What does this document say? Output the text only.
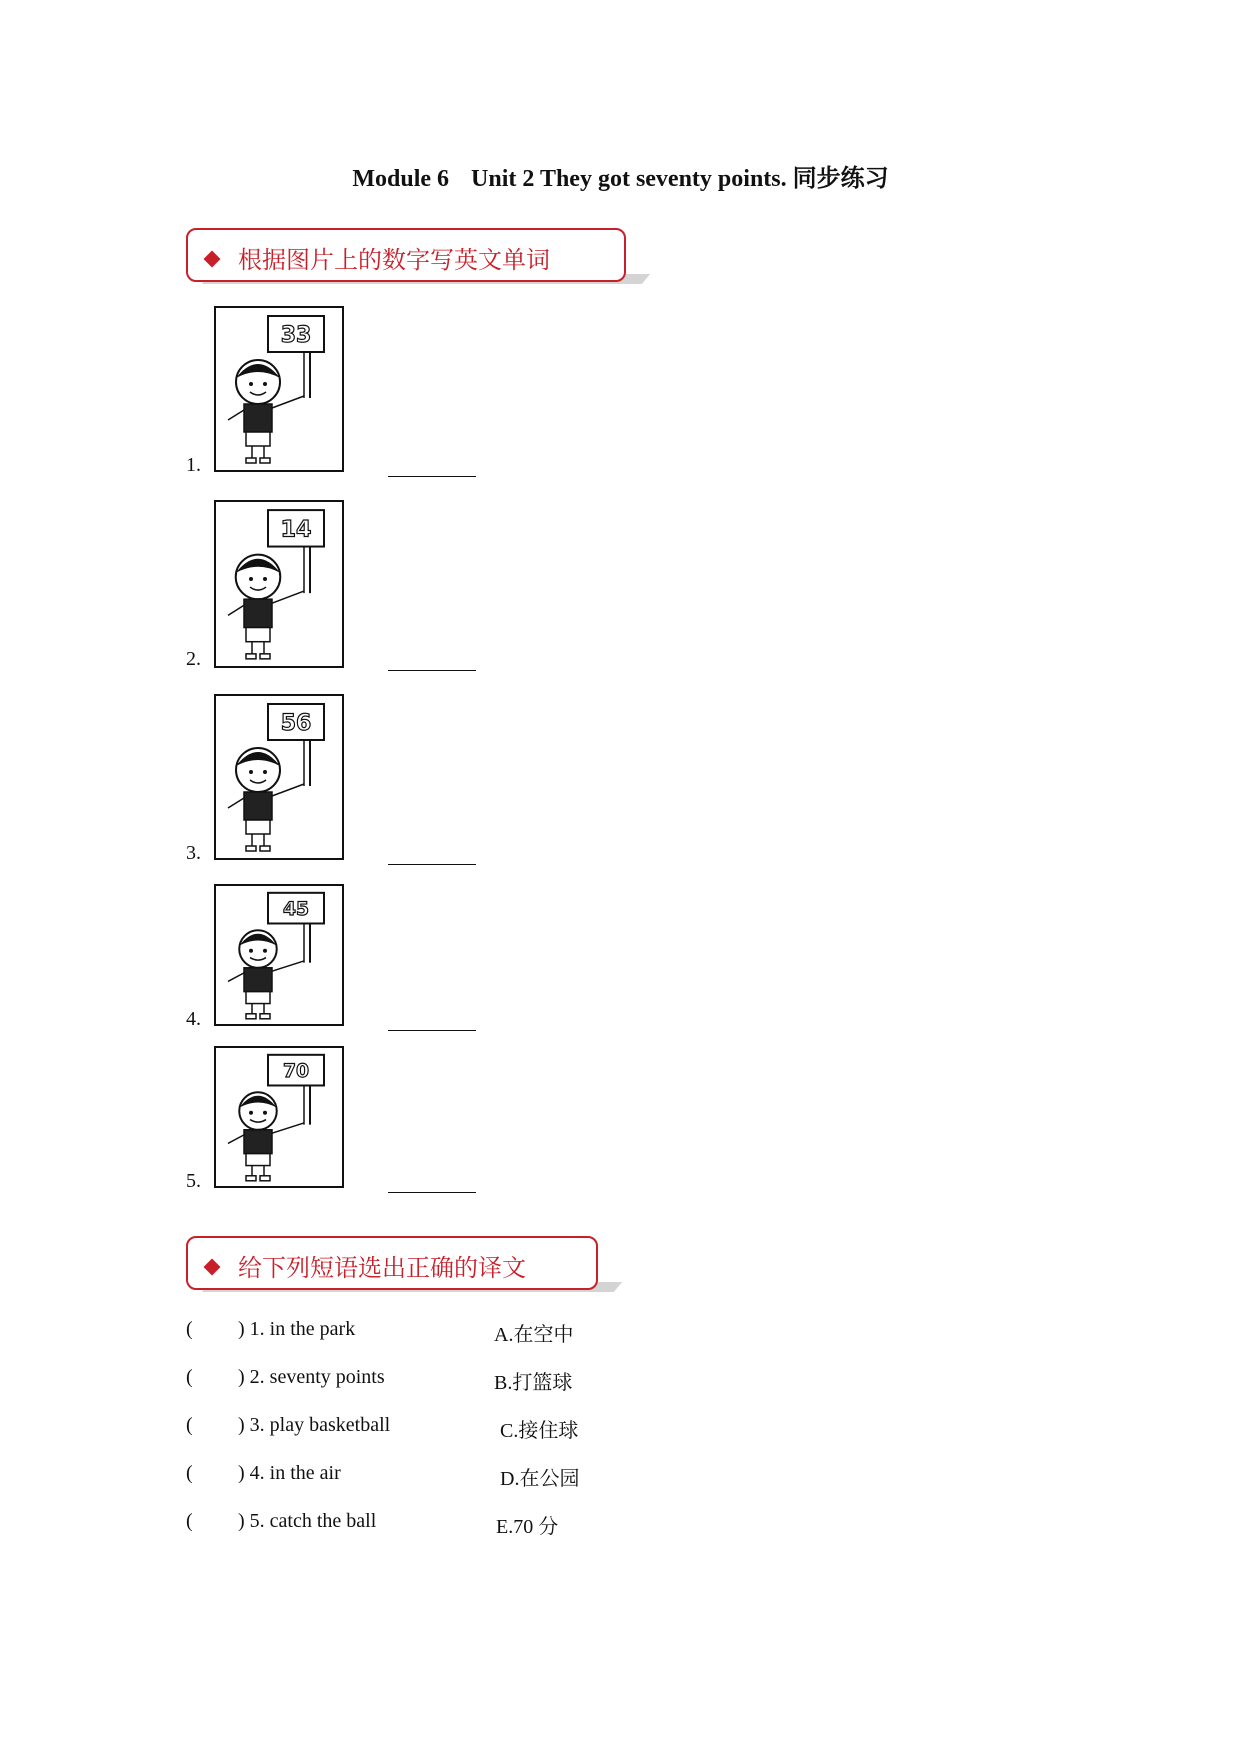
Module 6 Unit 2 They got seventy points. 同步练习
根据图片上的数字写英文单词
1.
33
2.
14
3.
56
4.
45
5.
70
给下列短语选出正确的译文
( ) 1. in the park	A.在空中
( ) 2. seventy points	B.打篮球
( ) 3. play basketball	C.接住球
( ) 4. in the air	D.在公园
( ) 5. catch the ball	E.70 分
